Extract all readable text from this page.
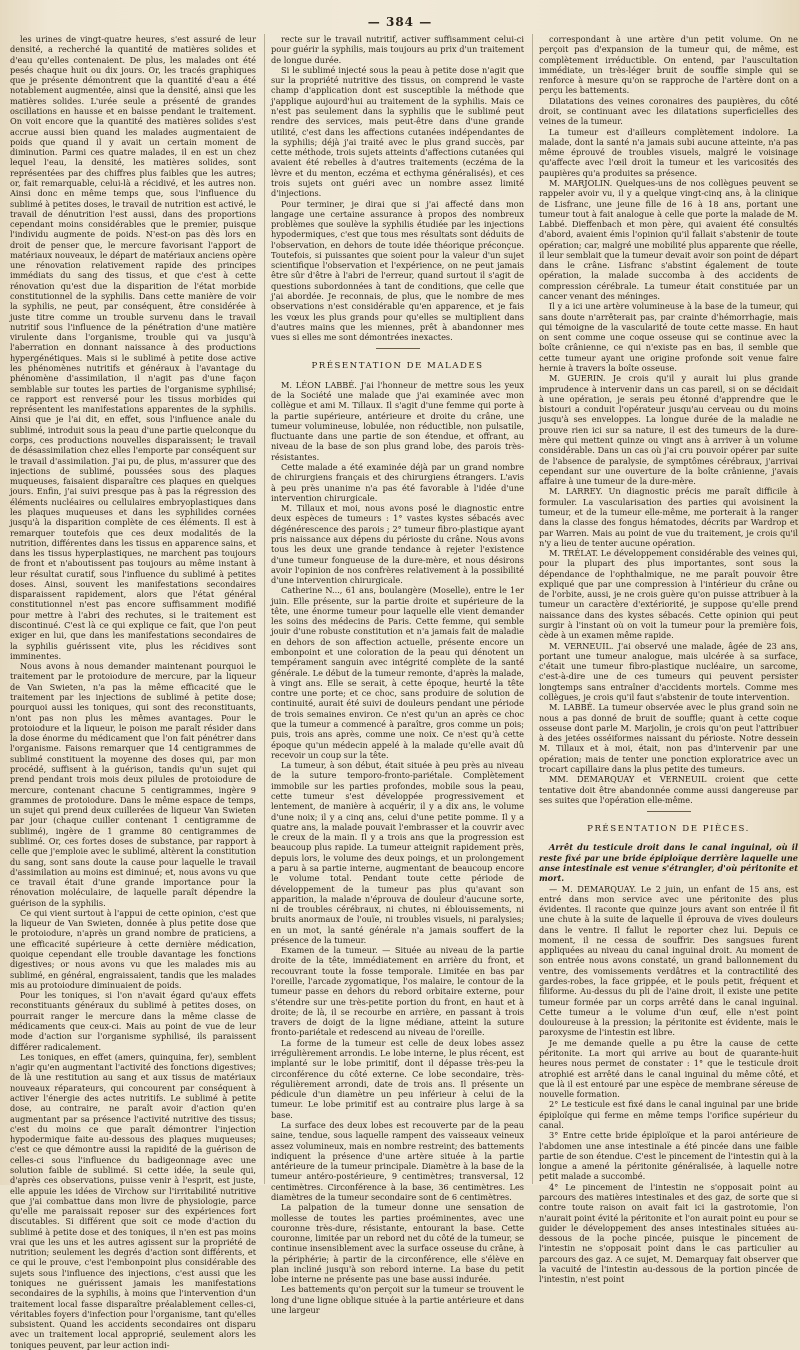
— 384 —

les urines de vingt-quatre heures, s'est assuré de leur densité, a recherché la quantité de matières solides et d'eau qu'elles contenaient. De plus, les malades ont été pesés chaque huit ou dix jours. Or, les tracés graphiques que je présente démontrent que la quantité d'eau a été notablement augmentée, ainsi que la densité, ainsi que les matières solides. L'urée seule a présenté de grandes oscillations en hausse et en baisse pendant le traitement. On voit encore que la quantité des matières solides s'est accrue aussi bien quand les malades augmentaient de poids que quand il y avait un certain moment de diminution. Parmi ces quatre malades, il en est un chez lequel l'eau, la densité, les matières solides, sont représentées par des chiffres plus faibles que les autres; or, fait remarquable, celui-là a récidivé, et les autres non. Ainsi donc en même temps que, sous l'influence du sublimé à petites doses, le travail de nutrition est activé, le travail de dénutrition l'est aussi, dans des proportions cependant moins considérables que le premier, puisque l'individu augmente de poids. N'est-on pas dès lors en droit de penser que, le mercure favorisant l'apport de matériaux nouveaux, le départ de matériaux anciens opère une rénovation relativement rapide des principes immédiats du sang des tissus, et que c'est à cette rénovation qu'est due la disparition de l'état morbide constitutionnel de la syphilis. Dans cette manière de voir la syphilis, ne peut, par conséquent, être considérée à juste titre comme un trouble survenu dans le travail nutritif sous l'influence de la pénétration d'une matière virulente dans l'organisme, trouble qui va jusqu'à l'aberration en donnant naissance à des productions hypergénétiques. Mais si le sublimé à petite dose active les phénomènes nutritifs et généraux à l'avantage du phénomène d'assimilation, il n'agit pas d'une façon semblable sur toutes les parties de l'organisme syphilisé; ce rapport est renversé pour les tissus morbides qui représentent les manifestations apparentes de la syphilis. Ainsi que je l'ai dit, en effet, sous l'influence anale du sublimé, introduit sous la peau d'une partie quelconque du corps, ces productions nouvelles disparaissent; le travail de désassimilation chez elles l'emporte par conséquent sur le travail d'assimilation. J'ai pu, de plus, m'assurer que des injections de sublimé, poussées sous des plaques muqueuses, faisaient disparaître ces plaques en quelques jours. Enfin, j'ai suivi presque pas à pas la régression des éléments nucléaires ou cellulaires embryoplastiques dans les plaques muqueuses et dans les syphilides cornées jusqu'à la disparition complète de ces éléments. Il est à remarquer toutefois que ces deux modalités de la nutrition, différentes dans les tissus en apparence sains, et dans les tissus hyperplastiques, ne marchent pas toujours de front et n'aboutissent pas toujours au même instant à leur résultat curatif, sous l'influence du sublimé à petites doses. Ainsi, souvent les manifestations secondaires disparaissent rapidement, alors que l'état général constitutionnel n'est pas encore suffisamment modifié pour mettre à l'abri des rechutes, si le traitement est discontinué. C'est là ce qui explique ce fait, que l'on peut exiger en lui, que dans les manifestations secondaires de la syphilis guérissent vite, plus les récidives sont imminentes.

Nous avons à nous demander maintenant pourquoi le traitement par le protoiodure de mercure, par la liqueur de Van Swieten, n'a pas la même efficacité que le traitement par les injections de sublimé à petite dose; pourquoi aussi les toniques, qui sont des reconstituants, n'ont pas non plus les mêmes avantages. Pour le protoiodure et la liqueur, le poison me paraît résider dans la dose énorme du médicament que l'on fait pénétrer dans l'organisme. Faisons remarquer que 14 centigrammes de sublimé constituent la moyenne des doses qui, par mon procédé, suffisent à la guérison, tandis qu'un sujet qui prend pendant trois mois deux pilules de protoiodure de mercure, contenant chacune 5 centigrammes, ingère 9 grammes de protoiodure. Dans le même espace de temps, un sujet qui prend deux cuillerées de liqueur Van Swieten par jour (chaque cuiller contenant 1 centigramme de sublimé), ingère de 1 gramme 80 centigrammes de sublimé. Or, ces fortes doses de substance, par rapport à celle que j'emploie avec le sublimé, altèrent la constitution du sang, sont sans doute la cause pour laquelle le travail d'assimilation au moins est diminué; et, nous avons vu que ce travail était d'une grande importance pour la rénovation moléculaire, de laquelle paraît dépendre la guérison de la syphilis.

Ce qui vient surtout à l'appui de cette opinion, c'est que la liqueur de Van Swieten, donnée à plus petite dose que le protoiodure, n'après un grand nombre de praticiens, a une efficacité supérieure à cette dernière médication, quoique cependant elle trouble davantage les fonctions digestives; or nous avons vu que les malades mis au sublimé, en général, engraissaient, tandis que les malades mis au protoiodure diminuaient de poids.

Pour les toniques, si l'on n'avait égard qu'aux effets reconstituants généraux du sublimé à petites doses, on pourrait ranger le mercure dans la même classe de médicaments que ceux-ci. Mais au point de vue de leur mode d'action sur l'organisme syphilisé, ils paraissent différer radicalement.

Les toniques, en effet (amers, quinquina, fer), semblent n'agir qu'en augmentant l'activité des fonctions digestives; de là une restitution au sang et aux tissus de matériaux nouveaux réparateurs, qui concourent par conséquent à activer l'énergie des actes nutritifs. Le sublimé à petite dose, au contraire, ne paraît avoir d'action qu'en augmentant par sa présence l'activité nutritive des tissus; c'est du moins ce que paraît démontrer l'injection hypodermique faite au-dessous des plaques muqueuses; c'est ce que démontre aussi la rapidité de la guérison de celles-ci sous l'influence du badigeonnage avec une solution faible de sublimé. Si cette idée, la seule qui, d'après ces observations, puisse venir à l'esprit, est juste, elle appuie les idées de Virchow sur l'irritabilité nutritive que j'ai combattue dans mon livre de physiologie, parce qu'elle me paraissait reposer sur des expériences fort discutables. Si différent que soit ce mode d'action du sublimé à petite dose et des toniques, il n'en est pas moins vrai que les uns et les autres agissent sur la propriété de nutrition; seulement les degrés d'action sont différents, et ce qui le prouve, c'est l'embonpoint plus considérable des sujets sous l'influence des injections, c'est aussi que les toniques ne guérissent jamais les manifestations secondaires de la syphilis, à moins que l'intervention d'un traitement local fasse disparaître préalablement celles-ci, véritables foyers d'infection pour l'organisme, tant qu'elles subsistent. Quand les accidents secondaires ont disparu avec un traitement local approprié, seulement alors les toniques peuvent, par leur action indi-

recte sur le travail nutritif, activer suffisamment celui-ci pour guérir la syphilis, mais toujours au prix d'un traitement de longue durée.

Si le sublimé injecté sous la peau à petite dose n'agit que sur la propriété nutritive des tissus, on comprend le vaste champ d'application dont est susceptible la méthode que j'applique aujourd'hui au traitement de la syphilis. Mais ce n'est pas seulement dans la syphilis que le sublimé peut rendre des services, mais peut-être dans d'une grande utilité, c'est dans les affections cutanées indépendantes de la syphilis; déjà j'ai traité avec le plus grand succès, par cette méthode, trois sujets atteints d'affections cutanées qui avaient été rebelles à d'autres traitements (eczéma de la lèvre et du menton, eczéma et ecthyma généralisés), et ces trois sujets ont guéri avec un nombre assez limité d'injections.

Pour terminer, je dirai que si j'ai affecté dans mon langage une certaine assurance à propos des nombreux problèmes que soulève la syphilis étudiée par les injections hypodermiques, c'est que tous mes résultats sont déduits de l'observation, en dehors de toute idée théorique préconçue. Toutefois, si puissantes que soient pour la valeur d'un sujet scientifique l'observation et l'expérience, on ne peut jamais être sûr d'être à l'abri de l'erreur, quand surtout il s'agit de questions subordonnées à tant de conditions, que celle que j'ai abordée. Je reconnais, de plus, que le nombre de mes observations n'est considérable qu'en apparence, et je fais les vœux les plus grands pour qu'elles se multiplient dans d'autres mains que les miennes, prêt à abandonner mes vues si elles me sont démontrées inexactes.

PRÉSENTATION DE MALADES

M. LÉON LABBÉ. J'ai l'honneur de mettre sous les yeux de la Société une malade que j'ai examinée avec mon collègue et ami M. Tillaux. Il s'agit d'une femme qui porte à la partie supérieure, antérieure et droite du crâne, une tumeur volumineuse, lobulée, non réductible, non pulsatile, fluctuante dans une partie de son étendue, et offrant, au niveau de la base de son plus grand lobe, des parois très-résistantes.

Cette malade a été examinée déjà par un grand nombre de chirurgiens français et des chirurgiens étrangers. L'avis à peu près unanime n'a pas été favorable à l'idée d'une intervention chirurgicale.

M. Tillaux et moi, nous avons posé le diagnostic entre deux espèces de tumeurs : 1° vastes kystes sébacés avec dégénérescence des parois ; 2° tumeur fibro-plastique ayant pris naissance aux dépens du périoste du crâne. Nous avons tous les deux une grande tendance à rejeter l'existence d'une tumeur fongueuse de la dure-mère, et nous désirons avoir l'opinion de nos confrères relativement à la possibilité d'une intervention chirurgicale.

Catherine N..., 61 ans, boulangère (Moselle), entre le 1er juin. Elle présente, sur la partie droite et supérieure de la tête, une énorme tumeur pour laquelle elle vient demander les soins des médecins de Paris. Cette femme, qui semble jouir d'une robuste constitution et n'a jamais fait de maladie en dehors de son affection actuelle, présente encore un embonpoint et une coloration de la peau qui dénotent un tempérament sanguin avec intégrité complète de la santé générale. Le début de la tumeur remonte, d'après la malade, à vingt ans. Elle se serait, à cette époque, heurté la tête contre une porte; et ce choc, sans produire de solution de continuité, aurait été suivi de douleurs pendant une période de trois semaines environ. Ce n'est qu'un an après ce choc que la tumeur a commencé à paraître, gros comme un pois; puis, trois ans après, comme une noix. Ce n'est qu'à cette époque qu'un médecin appelé à la malade qu'elle avait dû recevoir un coup sur la tête.

La tumeur, à son début, était située à peu près au niveau de la suture temporo-fronto-pariétale. Complètement immobile sur les parties profondes, mobile sous la peau, cette tumeur s'est développée progressivement et lentement, de manière à acquérir, il y a dix ans, le volume d'une noix; il y a cinq ans, celui d'une petite pomme. Il y a quatre ans, la malade pouvait l'embrasser et la couvrir avec le creux de la main. Il y a trois ans que la progression est beaucoup plus rapide. La tumeur atteignit rapidement près, depuis lors, le volume des deux poings, et un prolongement a paru à sa partie interne, augmentant de beaucoup encore le volume total. Pendant toute cette période de développement de la tumeur pas plus qu'avant son apparition, la malade n'éprouva de douleur d'aucune sorte, ni de troubles cérébraux, ni chutes, ni éblouissements, ni bruits anormaux de l'ouïe, ni troubles visuels, ni paralysies; en un mot, la santé générale n'a jamais souffert de la présence de la tumeur.

Examen de la tumeur. — Située au niveau de la partie droite de la tête, immédiatement en arrière du front, et recouvrant toute la fosse temporale. Limitée en bas par l'oreille, l'arcade zygomatique, l'os malaire, le contour de la tumeur passe en dehors du rebord orbitaire externe, pour s'étendre sur une très-petite portion du front, en haut et à droite; de là, il se recourbe en arrière, en passant à trois travers de doigt de la ligne médiane, atteint la suture fronto-pariétale et redescend au niveau de l'oreille.

La forme de la tumeur est celle de deux lobes assez irrégulièrement arrondis. Le lobe interne, le plus récent, est implanté sur le lobe primitif, dont il dépasse très-peu la circonférence du côté externe. Ce lobe secondaire, très-régulièrement arrondi, date de trois ans. Il présente un pédicule d'un diamètre un peu inférieur à celui de la tumeur. Le lobe primitif est au contraire plus large à sa base.

La surface des deux lobes est recouverte par de la peau saine, tendue, sous laquelle rampent des vaisseaux veineux assez volumineux, mais en nombre restreint; des battements indiquent la présence d'une artère située à la partie antérieure de la tumeur principale. Diamètre à la base de la tumeur antéro-postérieure, 9 centimètres; transversal, 12 centimètres. Circonférence à la base, 36 centimètres. Les diamètres de la tumeur secondaire sont de 6 centimètres.

La palpation de la tumeur donne une sensation de mollesse de toutes les parties proéminentes, avec une couronne très-dure, résistante, entourant la base. Cette couronne, limitée par un rebord net du côté de la tumeur, se continue insensiblement avec la surface osseuse du crâne, à la périphérie; à partir de la circonférence, elle s'élève en plan incliné jusqu'à son rebord interne. La base du petit lobe interne ne présente pas une base aussi indurée.

Les battements qu'on perçoit sur la tumeur se trouvent le long d'une ligne oblique située à la partie antérieure et dans une largeur

correspondant à une artère d'un petit volume. On ne perçoit pas d'expansion de la tumeur qui, de même, est complètement irréductible. On entend, par l'auscultation immédiate, un très-léger bruit de souffle simple qui se renforce à mesure qu'on se rapproche de l'artère dont on a perçu les battements.

Dilatations des veines coronaires des paupières, du côté droit, se continuant avec les dilatations superficielles des veines de la tumeur.

La tumeur est d'ailleurs complètement indolore. La malade, dont la santé n'a jamais subi aucune atteinte, n'a pas même éprouvé de troubles visuels, malgré le voisinage qu'affecte avec l'œil droit la tumeur et les varicosités des paupières qu'a produites sa présence.

M. MARJOLIN. Quelques-uns de nos collègues peuvent se rappeler avoir vu, il y a quelque vingt-cinq ans, à la clinique de Lisfranc, une jeune fille de 16 à 18 ans, portant une tumeur tout à fait analogue à celle que porte la malade de M. Labbé. Dieffenbach et mon père, qui avaient été consultés d'abord, avaient émis l'opinion qu'il fallait s'abstenir de toute opération; car, malgré une mobilité plus apparente que réelle, il leur semblait que la tumeur devait avoir son point de départ dans le crâne. Lisfranc s'abstint également de toute opération, la malade succomba à des accidents de compression cérébrale. La tumeur était constituée par un cancer venant des méninges.

Il y a ici une artère volumineuse à la base de la tumeur, qui sans doute n'arrêterait pas, par crainte d'hémorrhagie, mais qui témoigne de la vascularité de toute cette masse. En haut on sent comme une coque osseuse qui se continue avec la boîte crânienne, ce qui n'existe pas en bas, il semble que cette tumeur ayant une origine profonde soit venue faire hernie à travers la boîte osseuse.

M. GUERIN. Je crois qu'il y aurait lui plus grande imprudence à intervenir dans un cas pareil, si on se décidait à une opération, je serais peu étonné d'apprendre que le bistouri a conduit l'opérateur jusqu'au cerveau ou du moins jusqu'à ses enveloppes. La longue durée de la maladie ne prouve rien ici sur sa nature, il est des tumeurs de la dure-mère qui mettent quinze ou vingt ans à arriver à un volume considérable. Dans un cas où j'ai cru pouvoir opérer par suite de l'absence de paralysie, de symptômes cérébraux, j'arrivai cependant sur une ouverture de la boîte crânienne, j'avais affaire à une tumeur de la dure-mère.

M. LARREY. Un diagnostic précis me paraît difficile à formuler. La vascularisation des parties qui avoisinent la tumeur, et de la tumeur elle-même, me porterait à la ranger dans la classe des fongus hématodes, décrits par Wardrop et par Warren. Mais au point de vue du traitement, je crois qu'il n'y a lieu de tenter aucune opération.

M. TRÉLAT. Le développement considérable des veines qui, pour la plupart des plus importantes, sont sous la dépendance de l'ophthalmique, ne me paraît pouvoir être expliqué que par une compression à l'intérieur du crâne ou de l'orbite, aussi, je ne crois guère qu'on puisse attribuer à la tumeur un caractère d'extériorité, je suppose qu'elle prend naissance dans des kystes sébacés. Cette opinion qui peut surgir à l'instant où on voit la tumeur pour la première fois, cède à un examen même rapide.

M. VERNEUIL. J'ai observé une malade, âgée de 23 ans, portant une tumeur analogue, mais ulcérée à sa surface, c'était une tumeur fibro-plastique nucléaire, un sarcome, c'est-à-dire une de ces tumeurs qui peuvent persister longtemps sans entraîner d'accidents mortels. Comme mes collègues, je crois qu'il faut s'abstenir de toute intervention.

M. LABBÉ. La tumeur observée avec le plus grand soin ne nous a pas donné de bruit de souffle; quant à cette coque osseuse dont parle M. Marjolin, je crois qu'on peut l'attribuer à des jetées osséiformes naissant du périoste. Notre dessein M. Tillaux et à moi, était, non pas d'intervenir par une opération; mais de tenter une ponction exploratrice avec un trocart capillaire dans la plus petite des tumeurs.

MM. DEMARQUAY et VERNEUIL croient que cette tentative doit être abandonnée comme aussi dangereuse par ses suites que l'opération elle-même.

PRÉSENTATION DE PIÈCES.

Arrêt du testicule droit dans le canal inguinal, où il reste fixé par une bride épiploïque derrière laquelle une anse intestinale est venue s'étrangler, d'où péritonite et mort.

— M. DEMARQUAY. Le 2 juin, un enfant de 15 ans, est entré dans mon service avec une péritonite des plus évidentes. Il raconte que quinze jours avant son entrée il fit une chute à la suite de laquelle il éprouva de vives douleurs dans le ventre. Il fallut le reporter chez lui. Depuis ce moment, il ne cessa de souffrir. Des sangsues furent appliquées au niveau du canal inguinal droit. Au moment de son entrée nous avons constaté, un grand ballonnement du ventre, des vomissements verdâtres et la contractilité des gardes-robes, la face grippée, et le pouls petit, fréquent et filiforme. Au-dessus du pli de l'aine droit, il existe une petite tumeur formée par un corps arrêté dans le canal inguinal. Cette tumeur a le volume d'un œuf, elle n'est point douloureuse à la pression; la péritonite est évidente, mais le paroxysme de l'intestin est libre.

Je me demande quelle a pu être la cause de cette péritonite. La mort qui arrive au bout de quarante-huit heures nous permet de constater : 1° que le testicule droit atrophié est arrêté dans le canal inguinal du même côté, et que là il est entouré par une espèce de membrane séreuse de nouvelle formation.

2° Le testicule est fixé dans le canal inguinal par une bride épiploïque qui ferme en même temps l'orifice supérieur du canal.

3° Entre cette bride épiploïque et la paroi antérieure de l'abdomen une anse intestinale a été pincée dans une faible partie de son étendue. C'est le pincement de l'intestin qui à la longue a amené la péritonite généralisée, à laquelle notre petit malade a succombé.

4° Le pincement de l'intestin ne s'opposait point au parcours des matières intestinales et des gaz, de sorte que si contre toute raison on avait fait ici la gastrotomie, l'on n'aurait point évité la péritonite et l'on aurait point eu pour se guider le développement des anses intestinales situées au-dessous de la poche pincée, puisque le pincement de l'intestin ne s'opposait point dans le cas particulier au parcours des gaz. A ce sujet, M. Demarquay fait observer que la vacuité de l'intestin au-dessous de la portion pincée de l'intestin, n'est point
